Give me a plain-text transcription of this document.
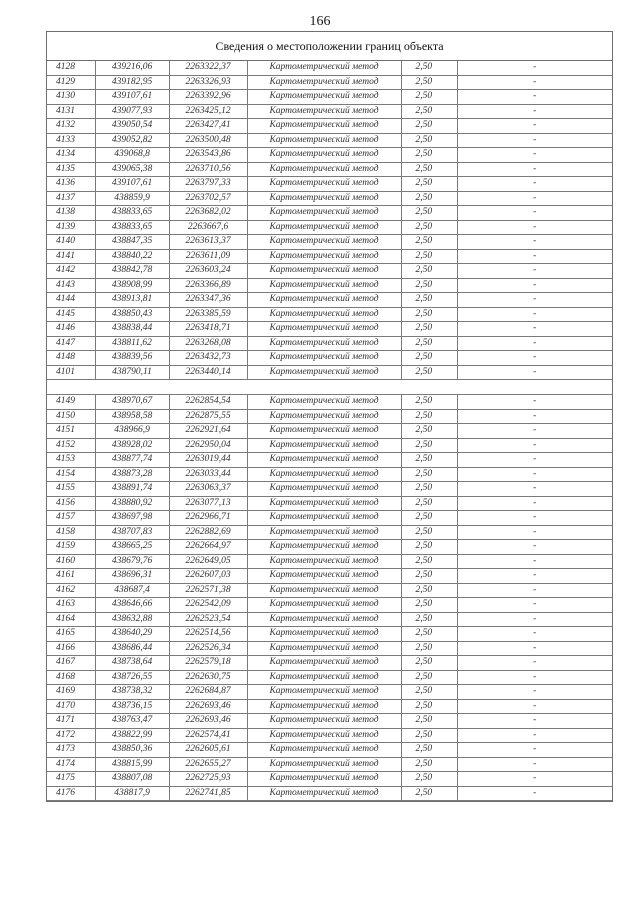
166
Сведения о местоположении границ объекта
4128	439216,06	2263322,37	Картометрический метод	2,50	-
4129	439182,95	2263326,93	Картометрический метод	2,50	-
4130	439107,61	2263392,96	Картометрический метод	2,50	-
4131	439077,93	2263425,12	Картометрический метод	2,50	-
4132	439050,54	2263427,41	Картометрический метод	2,50	-
4133	439052,82	2263500,48	Картометрический метод	2,50	-
4134	439068,8	2263543,86	Картометрический метод	2,50	-
4135	439065,38	2263710,56	Картометрический метод	2,50	-
4136	439107,61	2263797,33	Картометрический метод	2,50	-
4137	438859,9	2263702,57	Картометрический метод	2,50	-
4138	438833,65	2263682,02	Картометрический метод	2,50	-
4139	438833,65	2263667,6	Картометрический метод	2,50	-
4140	438847,35	2263613,37	Картометрический метод	2,50	-
4141	438840,22	2263611,09	Картометрический метод	2,50	-
4142	438842,78	2263603,24	Картометрический метод	2,50	-
4143	438908,99	2263366,89	Картометрический метод	2,50	-
4144	438913,81	2263347,36	Картометрический метод	2,50	-
4145	438850,43	2263385,59	Картометрический метод	2,50	-
4146	438838,44	2263418,71	Картометрический метод	2,50	-
4147	438811,62	2263268,08	Картометрический метод	2,50	-
4148	438839,56	2263432,73	Картометрический метод	2,50	-
4101	438790,11	2263440,14	Картометрический метод	2,50	-

4149	438970,67	2262854,54	Картометрический метод	2,50	-
4150	438958,58	2262875,55	Картометрический метод	2,50	-
4151	438966,9	2262921,64	Картометрический метод	2,50	-
4152	438928,02	2262950,04	Картометрический метод	2,50	-
4153	438877,74	2263019,44	Картометрический метод	2,50	-
4154	438873,28	2263033,44	Картометрический метод	2,50	-
4155	438891,74	2263063,37	Картометрический метод	2,50	-
4156	438880,92	2263077,13	Картометрический метод	2,50	-
4157	438697,98	2262966,71	Картометрический метод	2,50	-
4158	438707,83	2262882,69	Картометрический метод	2,50	-
4159	438665,25	2262664,97	Картометрический метод	2,50	-
4160	438679,76	2262649,05	Картометрический метод	2,50	-
4161	438696,31	2262607,03	Картометрический метод	2,50	-
4162	438687,4	2262571,38	Картометрический метод	2,50	-
4163	438646,66	2262542,09	Картометрический метод	2,50	-
4164	438632,88	2262523,54	Картометрический метод	2,50	-
4165	438640,29	2262514,56	Картометрический метод	2,50	-
4166	438686,44	2262526,34	Картометрический метод	2,50	-
4167	438738,64	2262579,18	Картометрический метод	2,50	-
4168	438726,55	2262630,75	Картометрический метод	2,50	-
4169	438738,32	2262684,87	Картометрический метод	2,50	-
4170	438736,15	2262693,46	Картометрический метод	2,50	-
4171	438763,47	2262693,46	Картометрический метод	2,50	-
4172	438822,99	2262574,41	Картометрический метод	2,50	-
4173	438850,36	2262605,61	Картометрический метод	2,50	-
4174	438815,99	2262655,27	Картометрический метод	2,50	-
4175	438807,08	2262725,93	Картометрический метод	2,50	-
4176	438817,9	2262741,85	Картометрический метод	2,50	-
